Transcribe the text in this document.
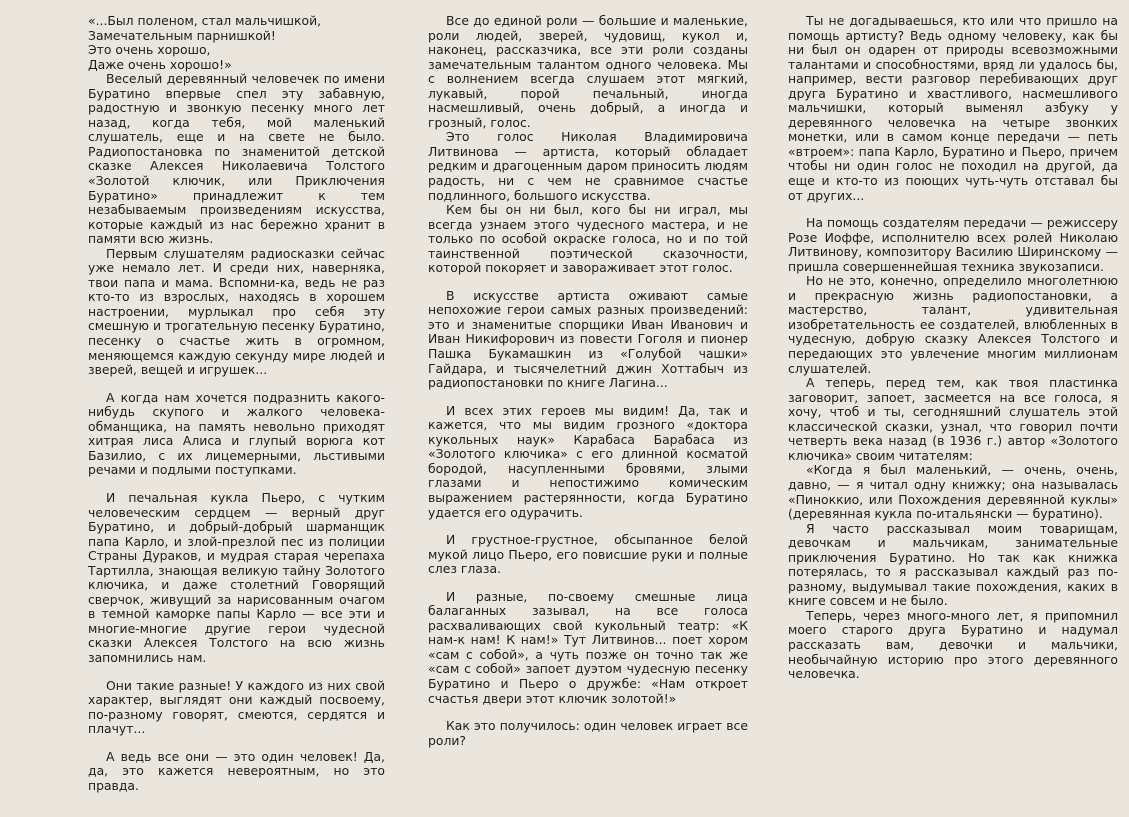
«...Был поленом, стал мальчишкой,

Замечательным парнишкой!

Это очень хорошо,

Даже очень хорошо!»

Веселый деревянный человечек по имени Буратино впервые спел эту забавную, радостную и звонкую песенку много лет назад, когда тебя, мой маленький слушатель, еще и на свете не было. Радиопостановка по знаменитой детской сказке Алексея Николаевича Толстого «Золотой ключик, или Приключения Буратино» принадлежит к тем незабываемым произведениям искусства, которые каждый из нас бережно хранит в памяти всю жизнь.

Первым слушателям радиосказки сейчас уже немало лет. И среди них, наверняка, твои папа и мама. Вспомни-ка, ведь не раз кто-то из взрослых, находясь в хорошем настроении, мурлыкал про себя эту смешную и трогательную песенку Буратино, песенку о счастье жить в огромном, меняющемся каждую секунду мире людей и зверей, вещей и игрушек...

А когда нам хочется подразнить какого-нибудь скупого и жалкого человека-обманщика, на память невольно приходят хитрая лиса Алиса и глупый ворюга кот Базилио, с их лицемерными, льстивыми речами и подлыми поступками.

И печальная кукла Пьеро, с чутким человеческим сердцем — верный друг Буратино, и добрый-добрый шарманщик папа Карло, и злой-презлой пес из полиции Страны Дураков, и мудрая старая черепаха Тартилла, знающая великую тайну Золотого ключика, и даже столетний Говорящий сверчок, живущий за нарисованным очагом в темной каморке папы Карло — все эти и многие-многие другие герои чудесной сказки Алексея Толстого на всю жизнь запомнились нам.

Они такие разные! У каждого из них свой характер, выглядят они каждый посвоему, по-разному говорят, смеются, сердятся и плачут...

А ведь все они — это один человек! Да, да, это кажется невероятным, но это правда.

Все до единой роли — большие и маленькие, роли людей, зверей, чудовищ, кукол и, наконец, рассказчика, все эти роли созданы замечательным талантом одного человека. Мы с волнением всегда слушаем этот мягкий, лукавый, порой печальный, иногда насмешливый, очень добрый, а иногда и грозный, голос.

Это голос Николая Владимировича Литвинова — артиста, который обладает редким и драгоценным даром приносить людям радость, ни с чем не сравнимое счастье подлинного, большого искусства.

Кем бы он ни был, кого бы ни играл, мы всегда узнаем этого чудесного мастера, и не только по особой окраске голоса, но и по той таинственной поэтической сказочности, которой покоряет и завораживает этот голос.

В искусстве артиста оживают самые непохожие герои самых разных произведений: это и знаменитые спорщики Иван Иванович и Иван Никифорович из повести Гоголя и пионер Пашка Букамашкин из «Голубой чашки» Гайдара, и тысячелетний джин Хоттабыч из радиопостановки по книге Лагина...

И всех этих героев мы видим! Да, так и кажется, что мы видим грозного «доктора кукольных наук» Карабаса Барабаса из «Золотого ключика» с его длинной косматой бородой, насупленными бровями, злыми глазами и непостижимо комическим выражением растерянности, когда Буратино удается его одурачить.

И грустное-грустное, обсыпанное белой мукой лицо Пьеро, его повисшие руки и полные слез глаза.

И разные, по-своему смешные лица балаганных зазывал, на все голоса расхваливающих свой кукольный театр: «К нам-к нам! К нам!» Тут Литвинов... поет хором «сам с собой», а чуть позже он точно так же «сам с собой» запоет дуэтом чудесную песенку Буратино и Пьеро о дружбе: «Нам откроет счастья двери этот ключик золотой!»

Как это получилось: один человек играет все роли?

Ты не догадываешься, кто или что пришло на помощь артисту? Ведь одному человеку, как бы ни был он одарен от природы всевозможными талантами и способностями, вряд ли удалось бы, например, вести разговор перебивающих друг друга Буратино и хвастливого, насмешливого мальчишки, который выменял азбуку у деревянного человечка на четыре звонких монетки, или в самом конце передачи — петь «втроем»: папа Карло, Буратино и Пьеро, причем чтобы ни один голос не походил на другой, да еще и кто-то из поющих чуть-чуть отставал бы от других...

На помощь создателям передачи — режиссеру Розе Иоффе, исполнителю всех ролей Николаю Литвинову, композитору Василию Ширинскому — пришла совершеннейшая техника звукозаписи.

Но не это, конечно, определило многолетнюю и прекрасную жизнь радиопостановки, а мастерство, талант, удивительная изобретательность ее создателей, влюбленных в чудесную, добрую сказку Алексея Толстого и передающих это увлечение многим миллионам слушателей.

А теперь, перед тем, как твоя пластинка заговорит, запоет, засмеется на все голоса, я хочу, чтоб и ты, сегодняшний слушатель этой классической сказки, узнал, что говорил почти четверть века назад (в 1936 г.) автор «Золотого ключика» своим читателям:

«Когда я был маленький, — очень, очень, давно, — я читал одну книжку; она называлась «Пиноккио, или Похождения деревянной куклы» (деревянная кукла по-итальянски — буратино).

Я часто рассказывал моим товарищам, девочкам и мальчикам, занимательные приключения Буратино. Но так как книжка потерялась, то я рассказывал каждый раз по-разному, выдумывал такие похождения, каких в книге совсем и не было.

Теперь, через много-много лет, я припомнил моего старого друга Буратино и надумал рассказать вам, девочки и мальчики, необычайную историю про этого деревянного человечка.
